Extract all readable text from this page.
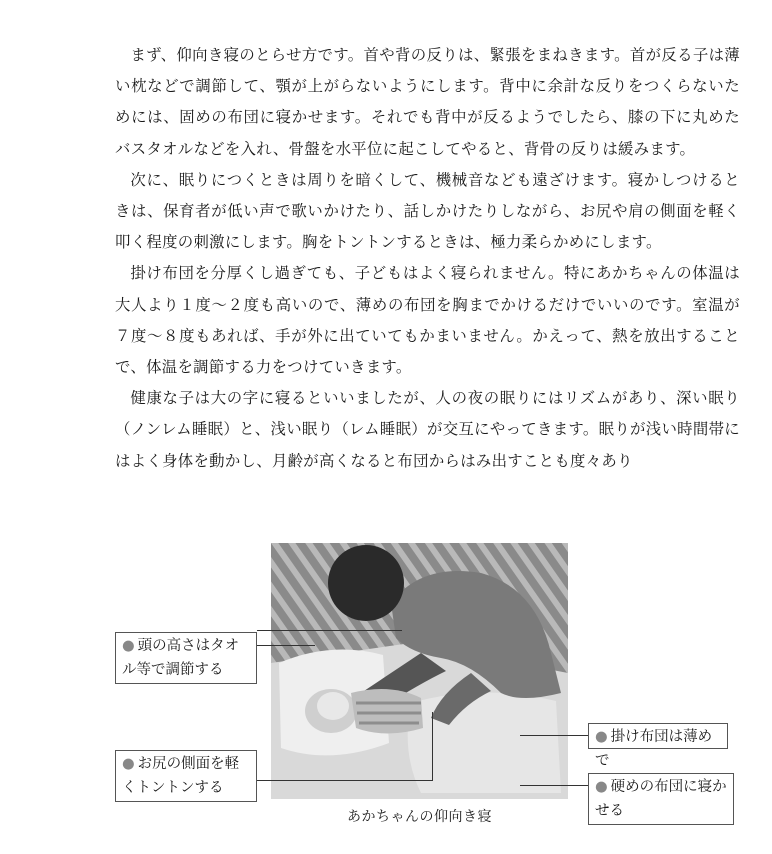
まず、仰向き寝のとらせ方です。首や背の反りは、緊張をまねきます。首が反る子は薄い枕などで調節して、顎が上がらないようにします。背中に余計な反りをつくらないためには、固めの布団に寝かせます。それでも背中が反るようでしたら、膝の下に丸めたバスタオルなどを入れ、骨盤を水平位に起こしてやると、背骨の反りは緩みます。

次に、眠りにつくときは周りを暗くして、機械音なども遠ざけます。寝かしつけるときは、保育者が低い声で歌いかけたり、話しかけたりしながら、お尻や肩の側面を軽く叩く程度の刺激にします。胸をトントンするときは、極力柔らかめにします。

掛け布団を分厚くし過ぎても、子どもはよく寝られません。特にあかちゃんの体温は大人より１度〜２度も高いので、薄めの布団を胸までかけるだけでいいのです。室温が７度〜８度もあれば、手が外に出ていてもかまいません。かえって、熱を放出することで、体温を調節する力をつけていきます。

健康な子は大の字に寝るといいましたが、人の夜の眠りにはリズムがあり、深い眠り（ノンレム睡眠）と、浅い眠り（レム睡眠）が交互にやってきます。眠りが浅い時間帯にはよく身体を動かし、月齢が高くなると布団からはみ出すことも度々あり

あかちゃんの仰向き寝
● 頭の高さはタオル等で調節する
● お尻の側面を軽くトントンする
● 掛け布団は薄めで
● 硬めの布団に寝かせる
